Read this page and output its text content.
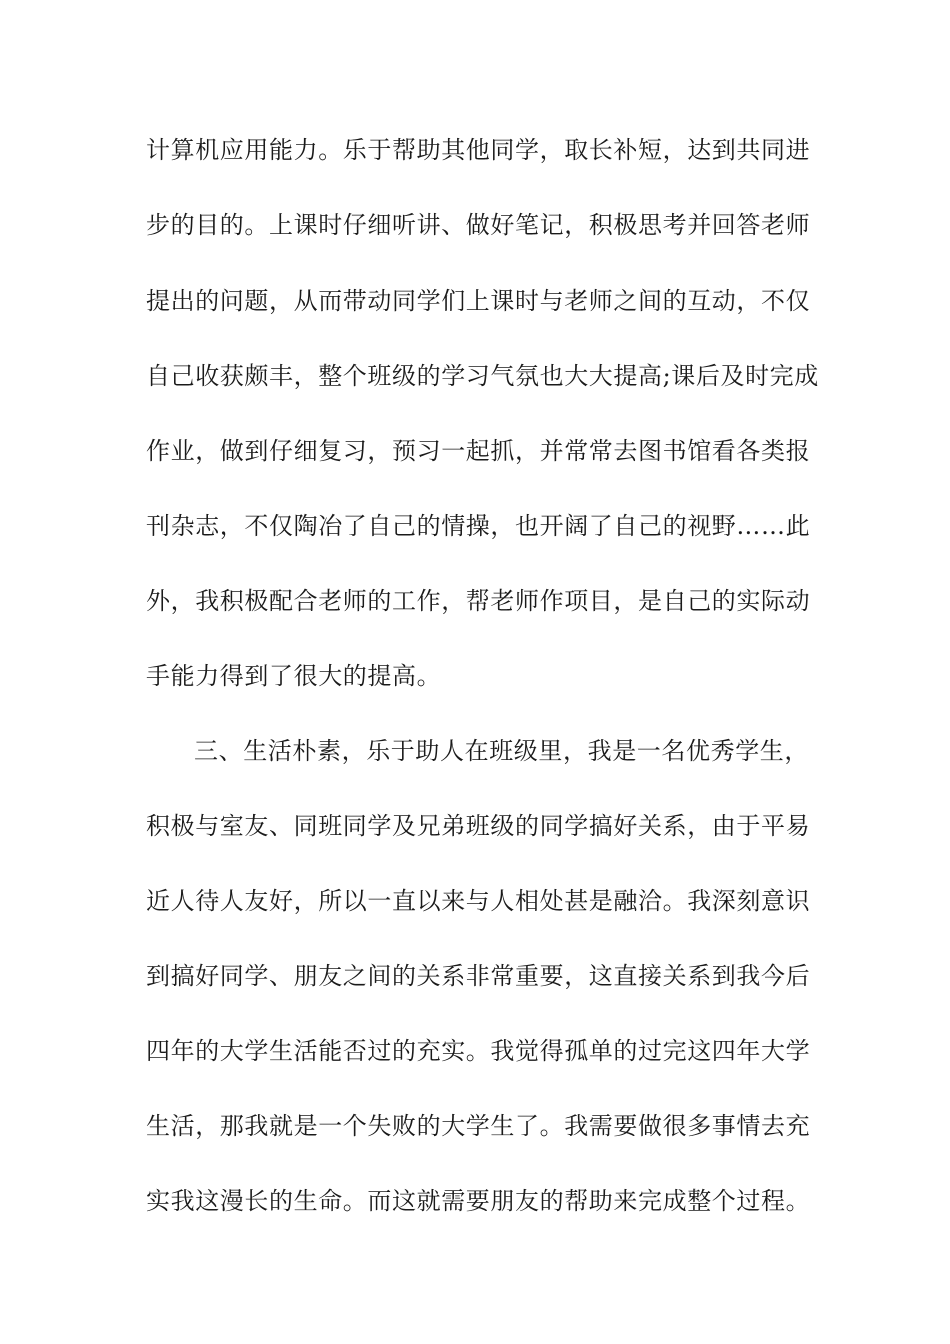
计算机应用能力。乐于帮助其他同学，取长补短，达到共同进
步的目的。上课时仔细听讲、做好笔记，积极思考并回答老师
提出的问题，从而带动同学们上课时与老师之间的互动，不仅
自己收获颇丰，整个班级的学习气氛也大大提高;课后及时完成
作业，做到仔细复习，预习一起抓，并常常去图书馆看各类报
刊杂志，不仅陶冶了自己的情操，也开阔了自己的视野……此
外，我积极配合老师的工作，帮老师作项目，是自己的实际动
手能力得到了很大的提高。
三、生活朴素，乐于助人在班级里，我是一名优秀学生，
积极与室友、同班同学及兄弟班级的同学搞好关系，由于平易
近人待人友好，所以一直以来与人相处甚是融洽。我深刻意识
到搞好同学、朋友之间的关系非常重要，这直接关系到我今后
四年的大学生活能否过的充实。我觉得孤单的过完这四年大学
生活，那我就是一个失败的大学生了。我需要做很多事情去充
实我这漫长的生命。而这就需要朋友的帮助来完成整个过程。
